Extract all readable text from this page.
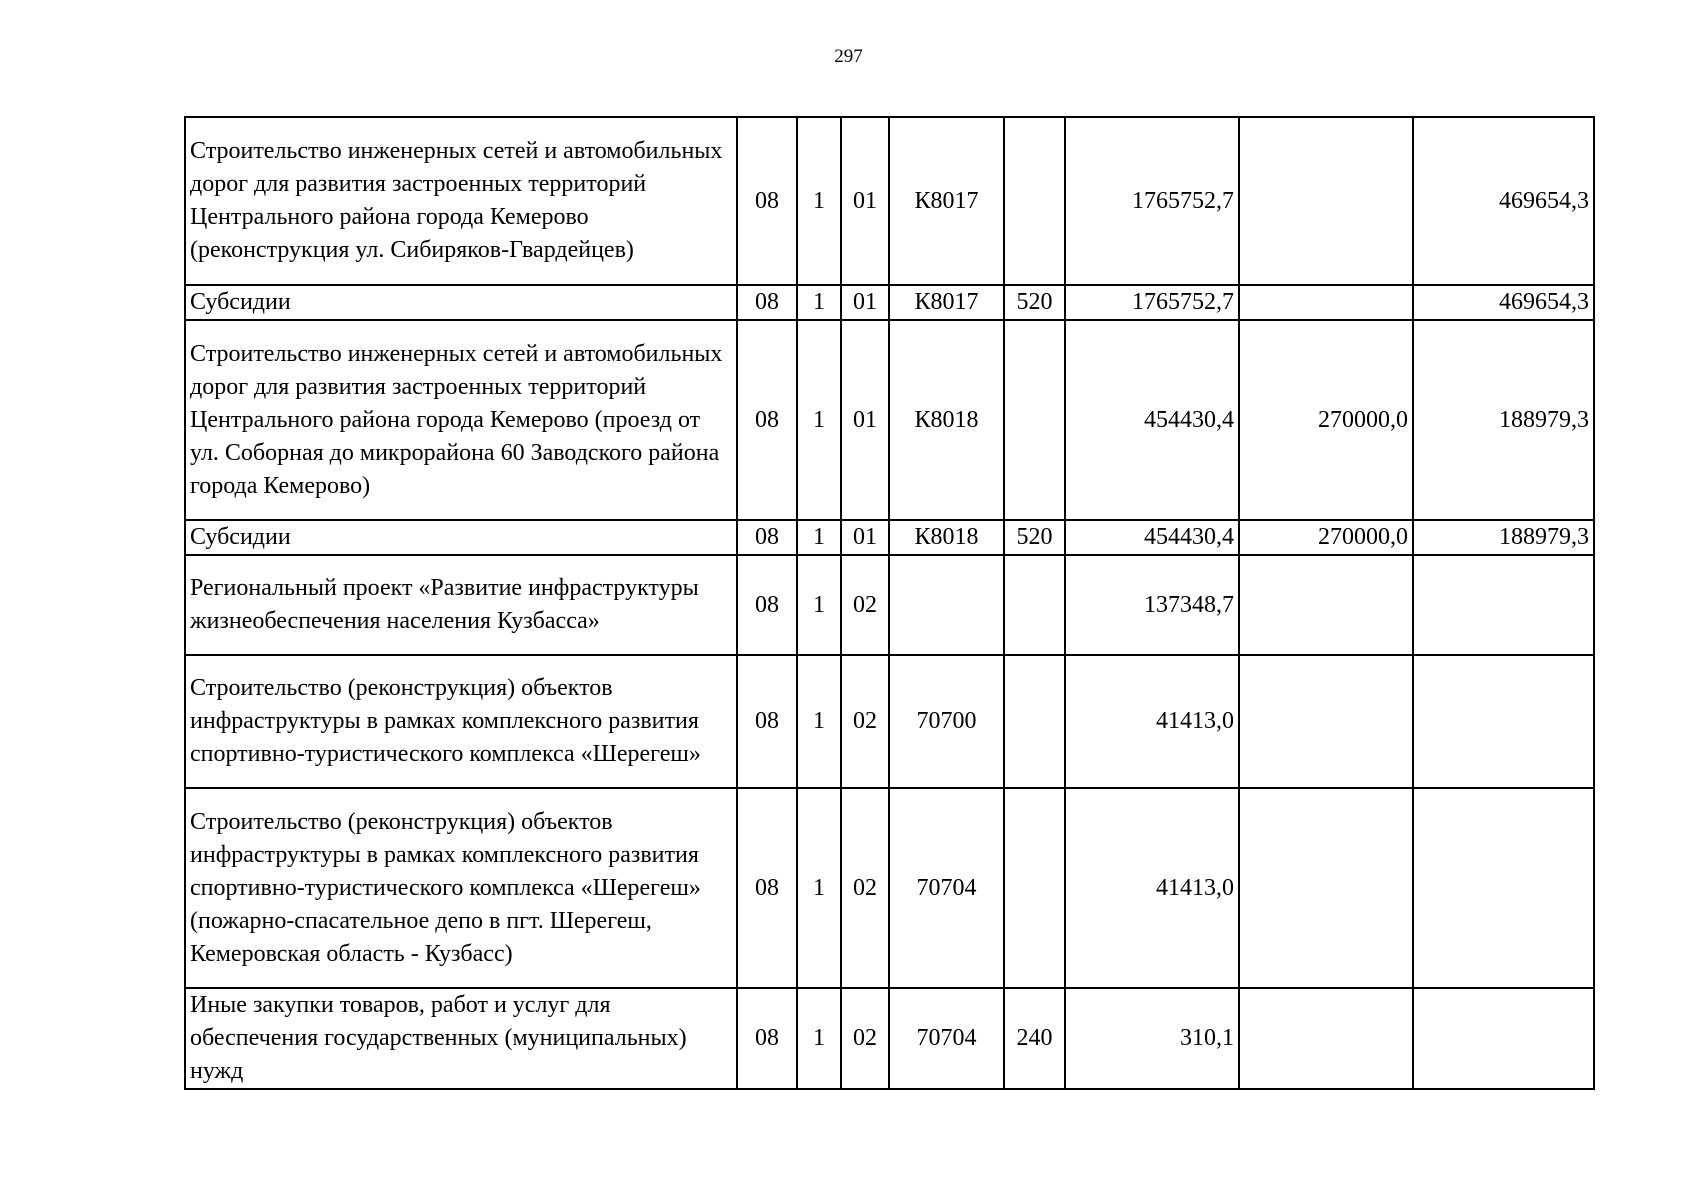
297
Строительство инженерных сетей и автомобильных дорог для развития застроенных территорий Центрального района города Кемерово (реконструкция ул. Сибиряков-Гвардейцев)	08	1	01	К8017		1765752,7		469654,3
Субсидии	08	1	01	К8017	520	1765752,7		469654,3
Строительство инженерных сетей и автомобильных дорог для развития застроенных территорий Центрального района города Кемерово (проезд от ул. Соборная до микрорайона 60 Заводского района города Кемерово)	08	1	01	К8018		454430,4	270000,0	188979,3
Субсидии	08	1	01	К8018	520	454430,4	270000,0	188979,3
Региональный проект «Развитие инфраструктуры жизнеобеспечения населения Кузбасса»	08	1	02			137348,7		
Строительство (реконструкция) объектов инфраструктуры в рамках комплексного развития спортивно-туристического комплекса «Шерегеш»	08	1	02	70700		41413,0		
Строительство (реконструкция) объектов инфраструктуры в рамках комплексного развития спортивно-туристического комплекса «Шерегеш» (пожарно-спасательное депо в пгт. Шерегеш, Кемеровская область - Кузбасс)	08	1	02	70704		41413,0		
Иные закупки товаров, работ и услуг для обеспечения государственных (муниципальных) нужд	08	1	02	70704	240	310,1		
